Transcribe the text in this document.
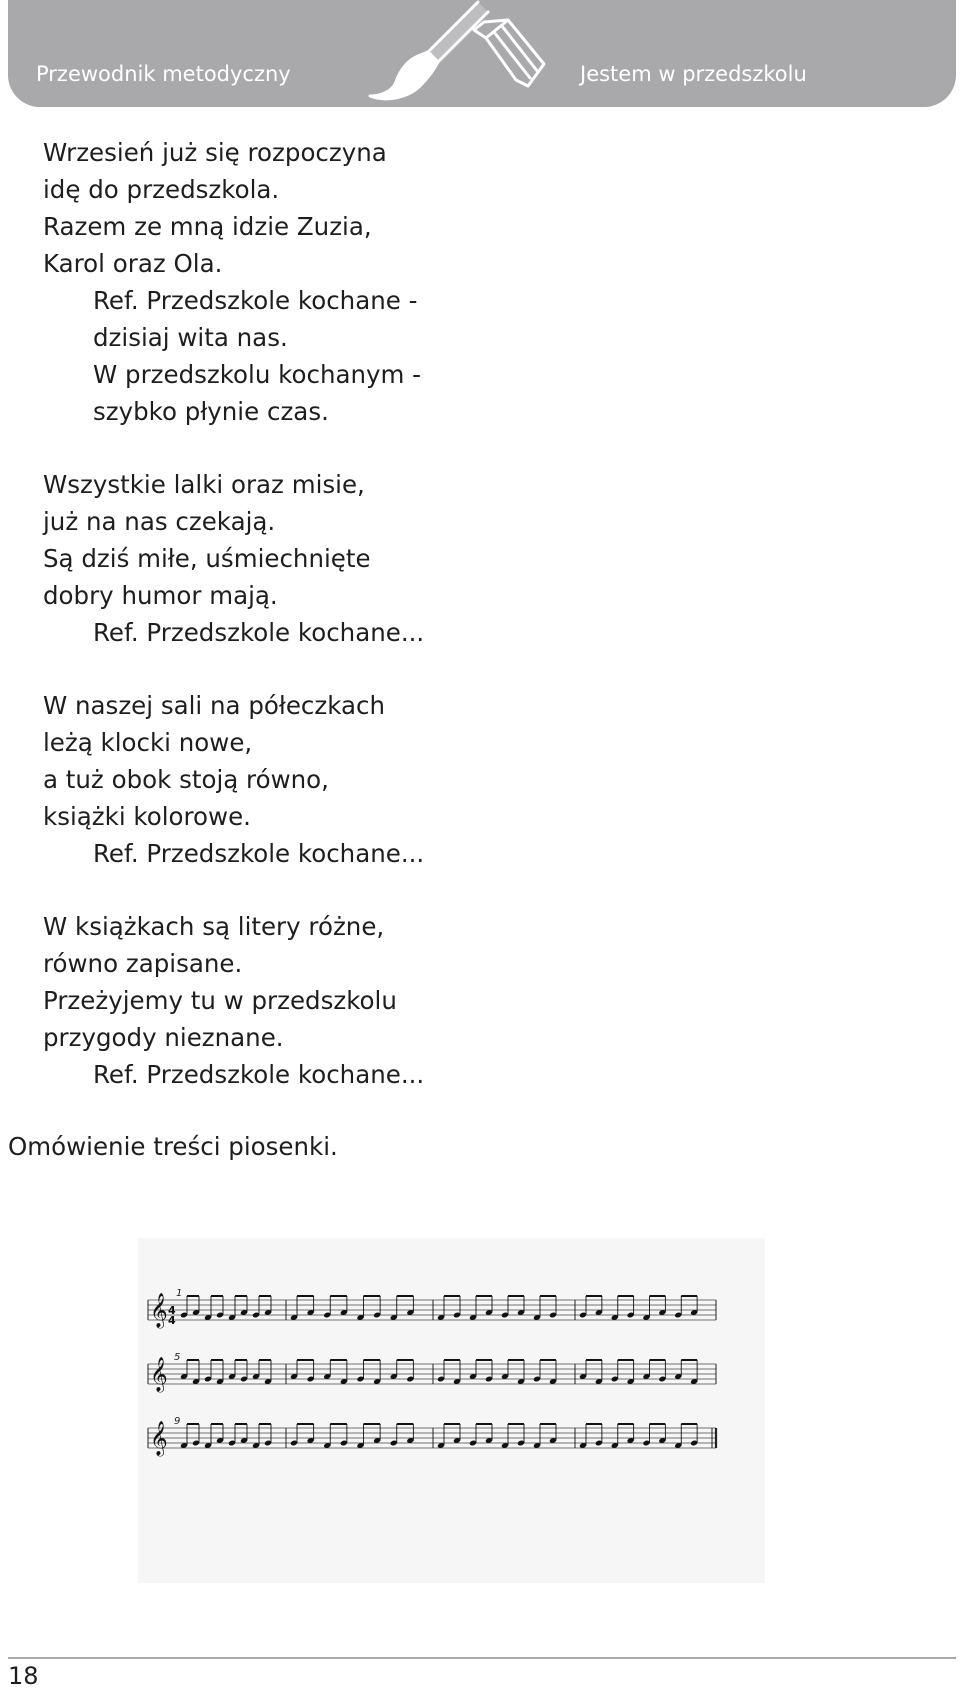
Przewodnik metodyczny	Jestem w przedszkolu
Wrzesień już się rozpoczyna
idę do przedszkola.
Razem ze mną idzie Zuzia,
Karol oraz Ola.
Ref. Przedszkole kochane -
dzisiaj wita nas.
W przedszkolu kochanym -
szybko płynie czas.
Wszystkie lalki oraz misie,
już na nas czekają.
Są dziś miłe, uśmiechnięte
dobry humor mają.
Ref. Przedszkole kochane...
W naszej sali na półeczkach
leżą klocki nowe,
a tuż obok stoją równo,
książki kolorowe.
Ref. Przedszkole kochane...
W książkach są litery różne,
równo zapisane.
Przeżyjemy tu w przedszkolu
przygody nieznane.
Ref. Przedszkole kochane...
Omówienie treści piosenki.
𝄞
𝄞
𝄞
1
5
9
4
4
18
